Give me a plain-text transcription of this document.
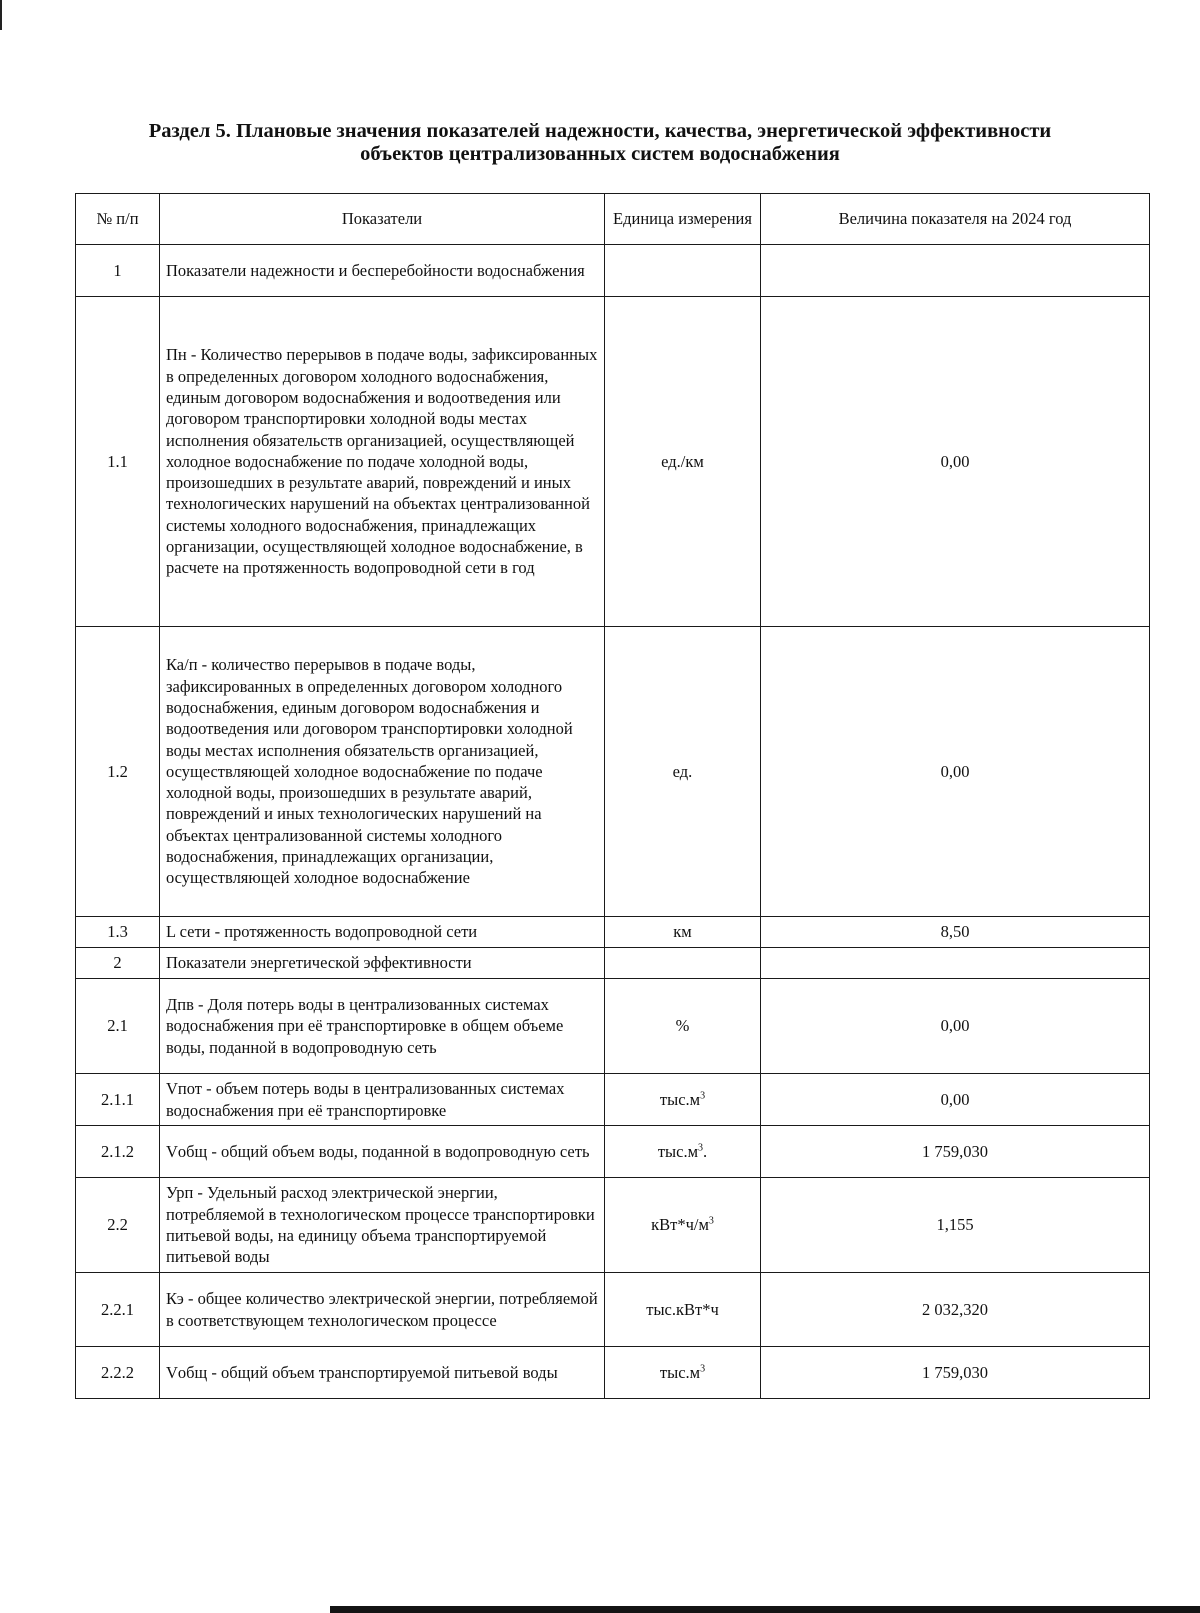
Раздел 5. Плановые значения показателей надежности, качества, энергетической эффективности
объектов централизованных систем водоснабжения
№ п/п	Показатели	Единица измерения	Величина показателя на 2024 год
1	Показатели надежности и бесперебойности водоснабжения		
1.1	Пн - Количество перерывов в подаче воды, зафиксированных в определенных договором холодного водоснабжения, единым договором водоснабжения и водоотведения или договором транспортировки холодной воды местах исполнения обязательств организацией, осуществляющей холодное водоснабжение по подаче холодной воды, произошедших в результате аварий, повреждений и иных технологических нарушений на объектах централизованной системы холодного водоснабжения, принадлежащих организации, осуществляющей холодное водоснабжение, в расчете на протяженность водопроводной сети в год	ед./км	0,00
1.2	Ка/п - количество перерывов в подаче воды, зафиксированных в определенных договором холодного водоснабжения, единым договором водоснабжения и водоотведения или договором транспортировки холодной воды местах исполнения обязательств организацией, осуществляющей холодное водоснабжение по подаче холодной воды, произошедших в результате аварий, повреждений и иных технологических нарушений на объектах централизованной системы холодного водоснабжения, принадлежащих организации, осуществляющей холодное водоснабжение	ед.	0,00
1.3	L сети - протяженность водопроводной сети	км	8,50
2	Показатели энергетической эффективности		
2.1	Дпв - Доля потерь воды в централизованных системах водоснабжения при её транспортировке в общем объеме воды, поданной в водопроводную сеть	%	0,00
2.1.1	Vпот - объем потерь воды в централизованных системах водоснабжения при её транспортировке	$тыс.м^3$	0,00
2.1.2	Vобщ - общий объем воды, поданной в водопроводную сеть	$тыс.м^3$.	1 759,030
2.2	Урп - Удельный расход электрической энергии, потребляемой в технологическом процессе транспортировки питьевой воды, на единицу объема транспортируемой питьевой воды	$кВт*ч/м^3$	1,155
2.2.1	Кэ - общее количество электрической энергии, потребляемой в соответствующем технологическом процессе	тыс.кВт*ч	2 032,320
2.2.2	Vобщ - общий объем транспортируемой питьевой воды	$тыс.м^3$	1 759,030
